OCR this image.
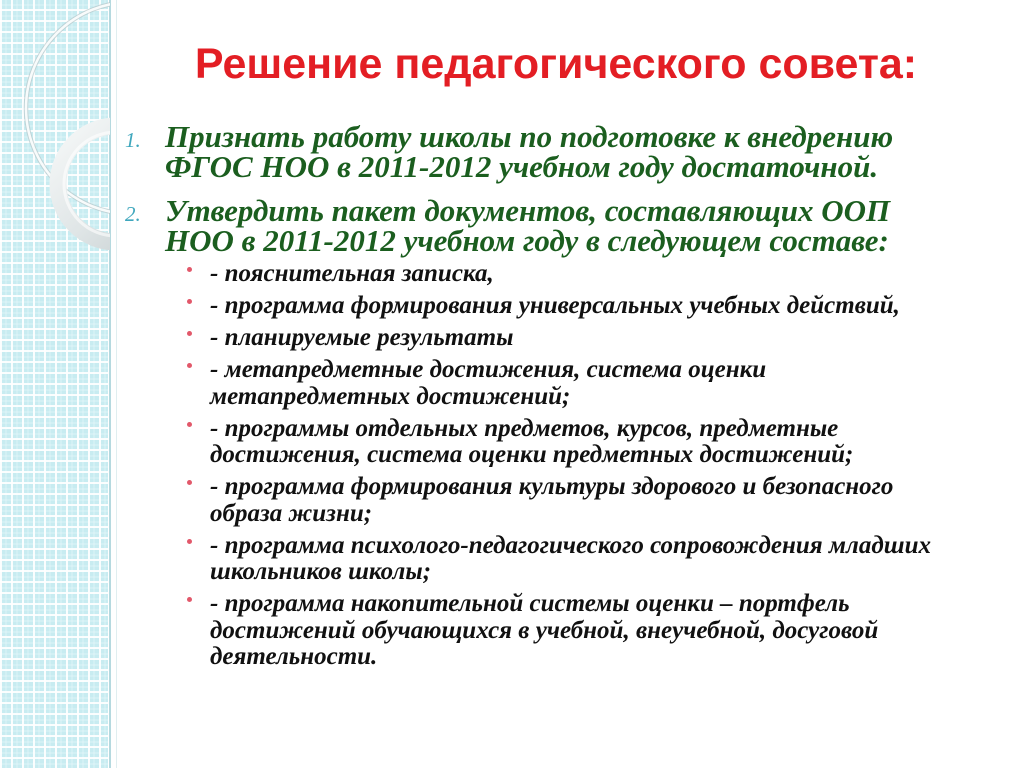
Решение педагогического совета:
1. Признать работу школы по подготовке к внедрению
ФГОС НОО в 2011-2012 учебном году достаточной.
2. Утвердить пакет документов, составляющих ООП
НОО в 2011-2012 учебном году в следующем составе:
- пояснительная записка,
- программа формирования универсальных учебных действий,
- планируемые результаты
- метапредметные достижения, система оценки
метапредметных достижений;
- программы отдельных предметов, курсов, предметные
достижения, система оценки предметных достижений;
- программа формирования культуры здорового и безопасного
образа жизни;
- программа психолого-педагогического сопровождения младших
школьников школы;
- программа накопительной системы оценки – портфель
достижений обучающихся в учебной, внеучебной, досуговой
деятельности.
